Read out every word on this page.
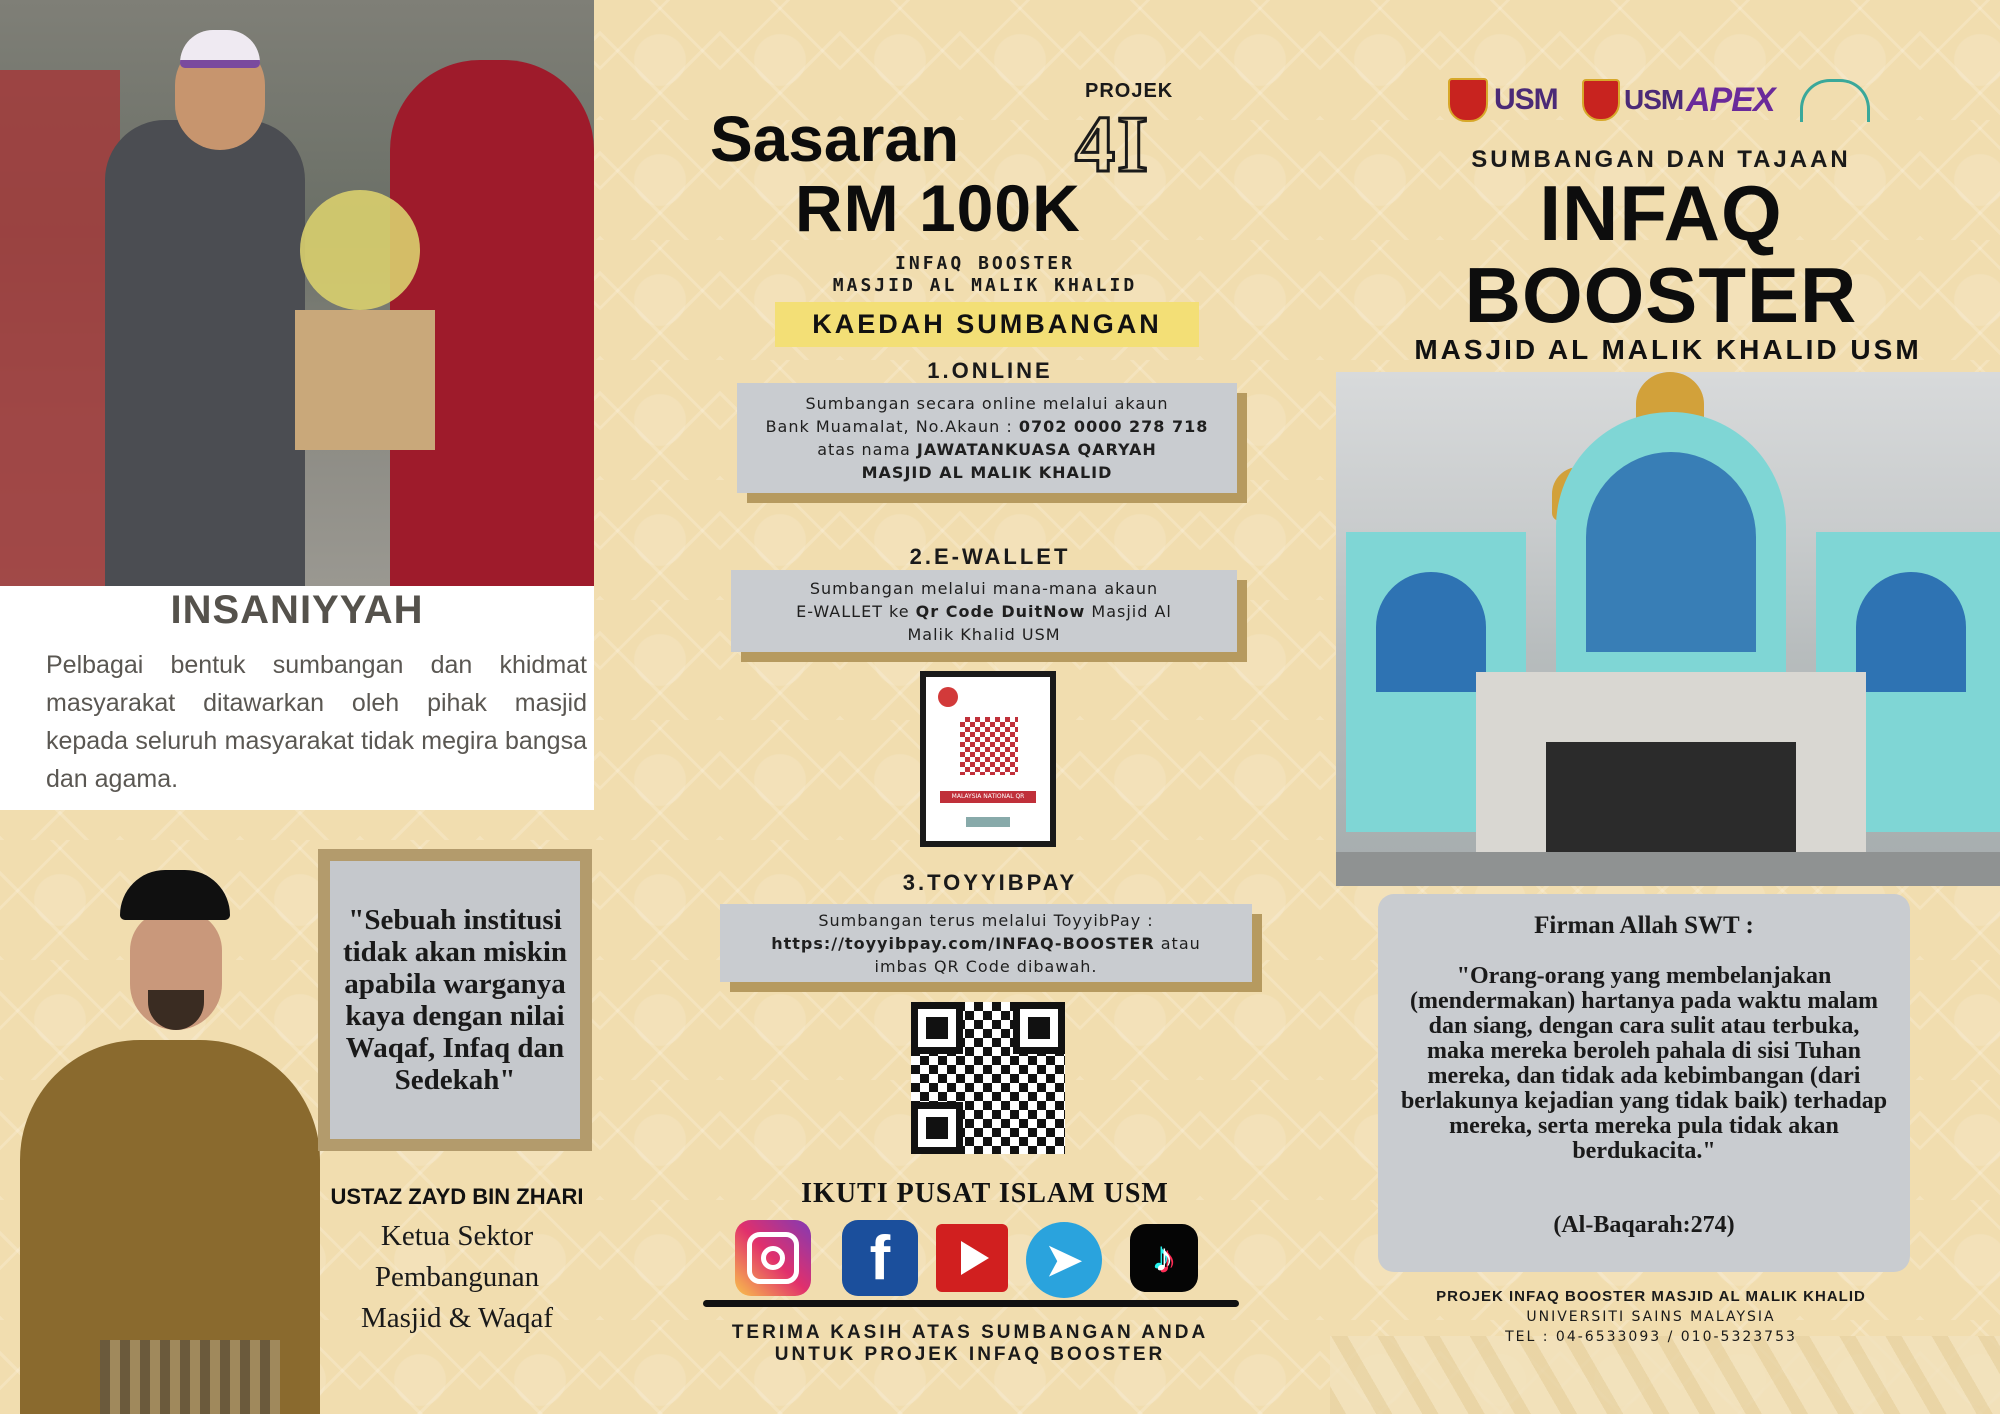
INSANIYYAH

Pelbagai bentuk sumbangan dan khidmat masyarakat ditawarkan oleh pihak masjid kepada seluruh masyarakat tidak megira bangsa dan agama.

"Sebuah institusi tidak akan miskin apabila warganya kaya dengan nilai Waqaf, Infaq dan Sedekah"

USTAZ ZAYD BIN ZHARI

Ketua Sektor
Pembangunan
Masjid & Waqaf

PROJEK
4I
Sasaran
RM 100K
INFAQ BOOSTER
MASJID AL MALIK KHALID
KAEDAH SUMBANGAN
1.ONLINE
Sumbangan secara online melalui akaun
Bank Muamalat, No.Akaun : 0702 0000 278 718
atas nama JAWATANKUASA QARYAH
MASJID AL MALIK KHALID
2.E-WALLET
Sumbangan melalui mana-mana akaun
E-WALLET ke Qr Code DuitNow Masjid Al
Malik Khalid USM
MALAYSIA NATIONAL QR
3.TOYYIBPAY
Sumbangan terus melalui ToyyibPay :
https://toyyibpay.com/INFAQ-BOOSTER atau
imbas QR Code dibawah.
IKUTI PUSAT ISLAM USM
f	➤	♪
TERIMA KASIH ATAS SUMBANGAN ANDA
UNTUK PROJEK INFAQ BOOSTER
USM USM APEX
SUMBANGAN DAN TAJAAN
INFAQ
BOOSTER
MASJID AL MALIK KHALID USM
Firman Allah SWT :
"Orang-orang yang membelanjakan (mendermakan) hartanya pada waktu malam dan siang, dengan cara sulit atau terbuka, maka mereka beroleh pahala di sisi Tuhan mereka, dan tidak ada kebimbangan (dari berlakunya kejadian yang tidak baik) terhadap mereka, serta mereka pula tidak akan berdukacita."
(Al-Baqarah:274)

PROJEK INFAQ BOOSTER MASJID AL MALIK KHALID

UNIVERSITI SAINS MALAYSIA

TEL : 04-6533093 / 010-5323753
